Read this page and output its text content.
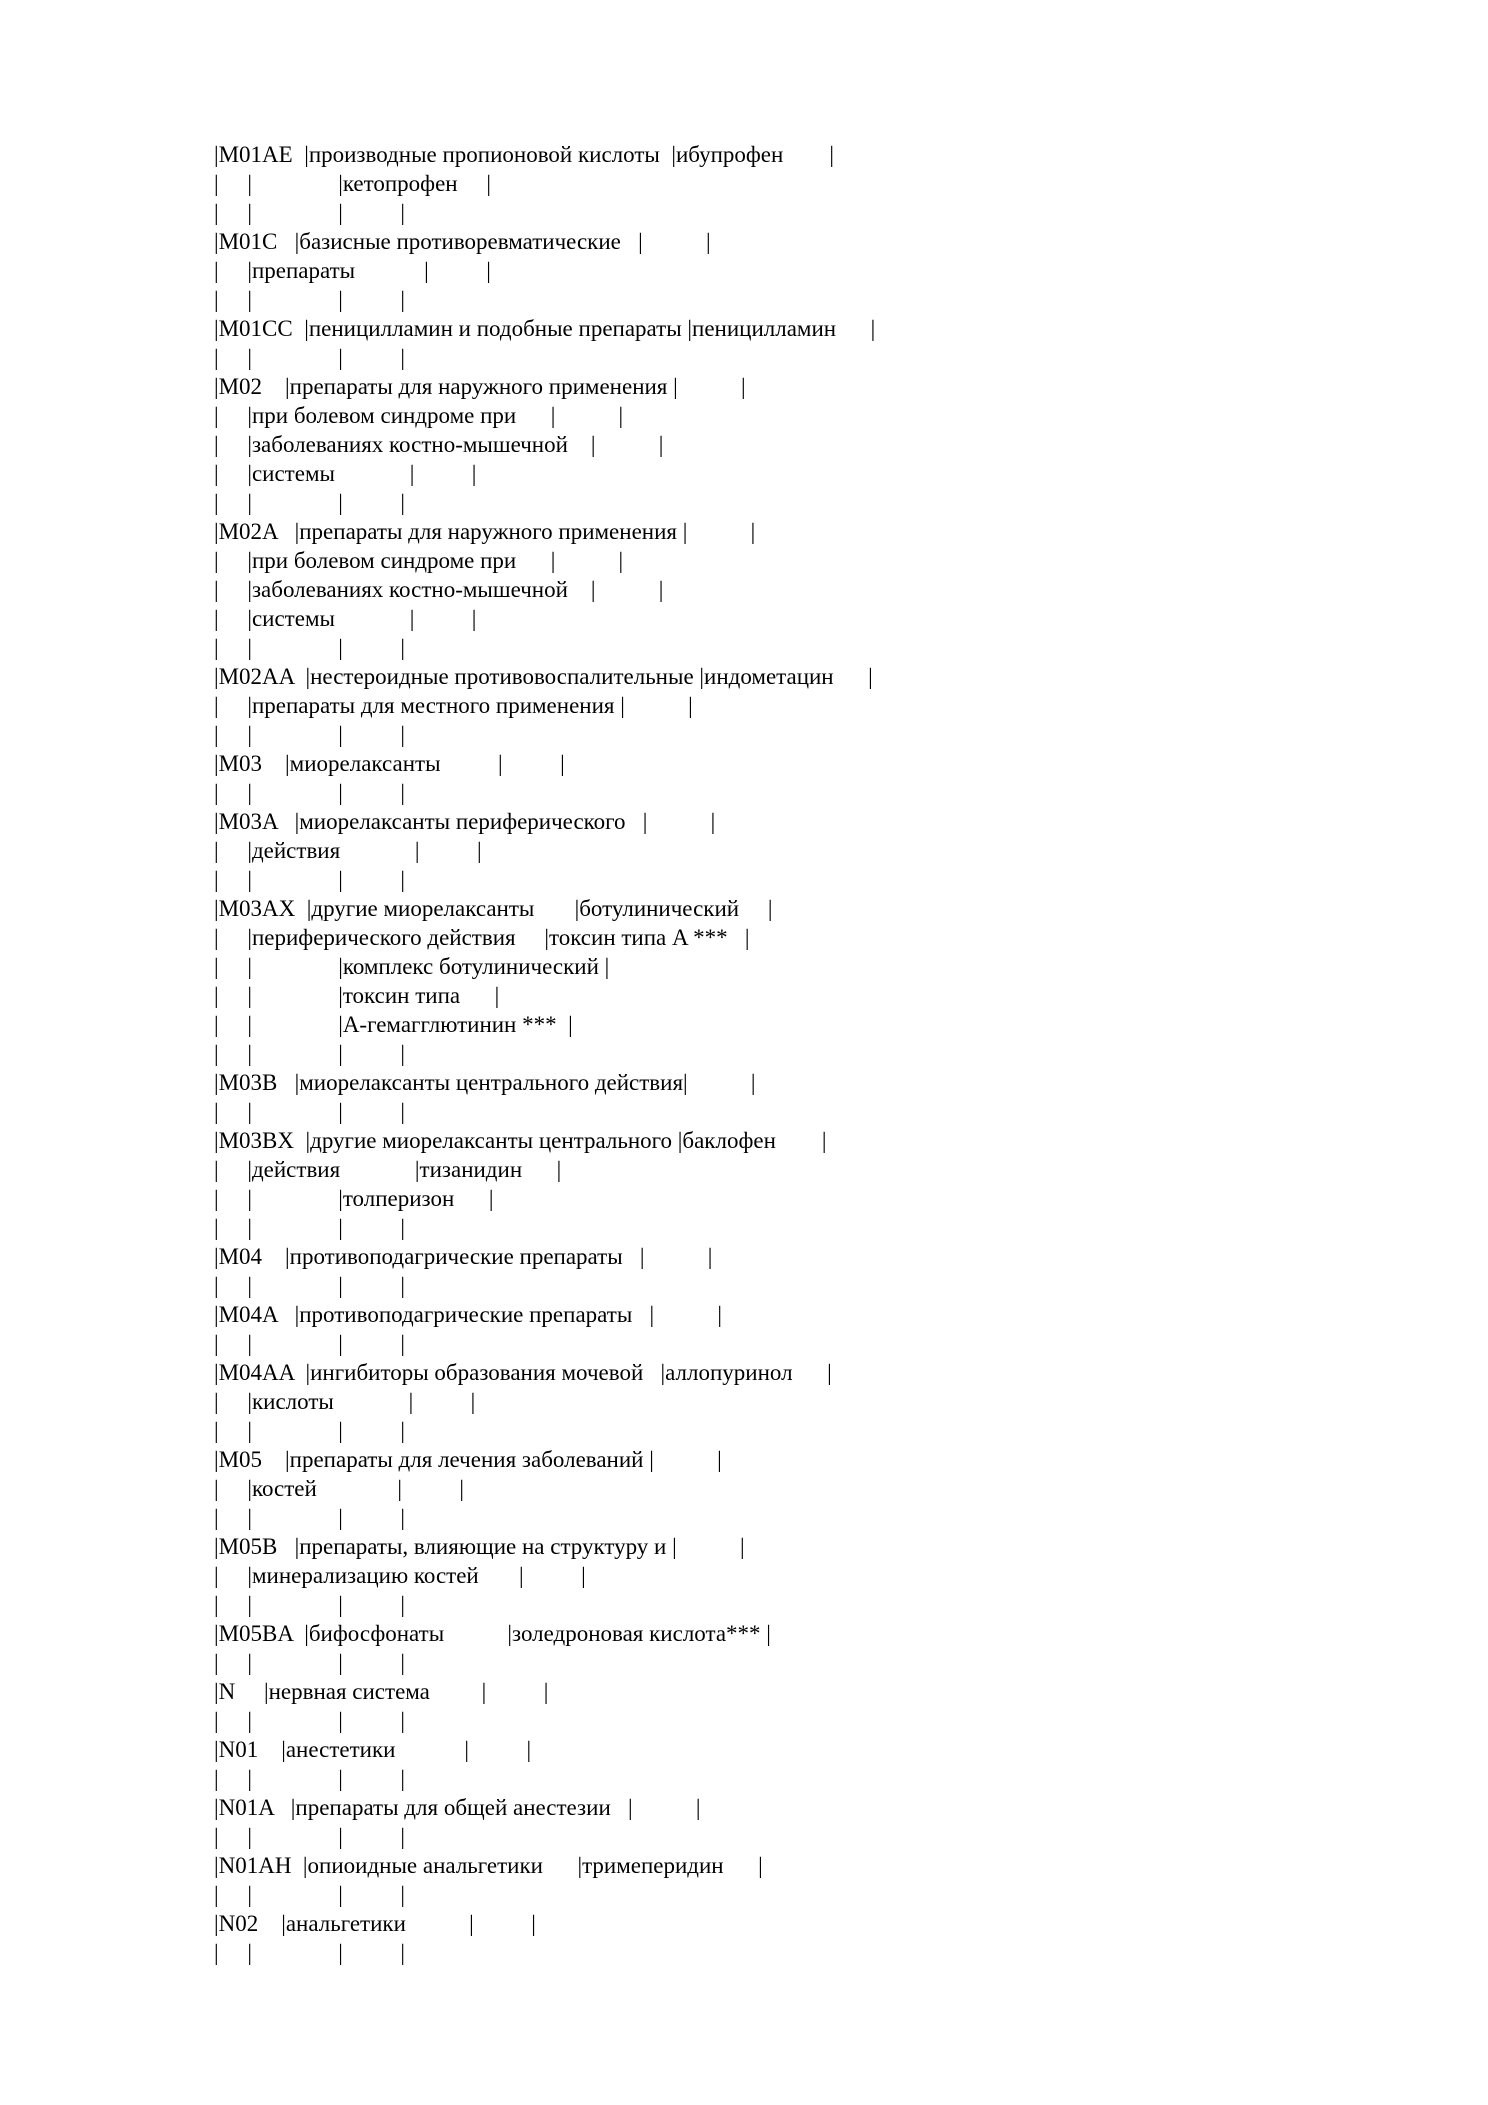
|M01AE  |производные пропионовой кислоты  |ибупрофен        |
|     |               |кетопрофен     |
|     |               |          |
|M01C   |базисные противоревматические   |           |
|     |препараты            |          |
|     |               |          |
|M01CC  |пеницилламин и подобные препараты |пеницилламин      |
|     |               |          |
|M02    |препараты для наружного применения |           |
|     |при болевом синдроме при      |           |
|     |заболеваниях костно-мышечной    |           |
|     |системы             |          |
|     |               |          |
|M02A   |препараты для наружного применения |           |
|     |при болевом синдроме при      |           |
|     |заболеваниях костно-мышечной    |           |
|     |системы             |          |
|     |               |          |
|M02AA  |нестероидные противовоспалительные |индометацин      |
|     |препараты для местного применения |           |
|     |               |          |
|M03    |миорелаксанты          |          |
|     |               |          |
|M03A   |миорелаксанты периферического   |           |
|     |действия             |          |
|     |               |          |
|M03AX  |другие миорелаксанты       |ботулинический     |
|     |периферического действия     |токсин типа A ***   |
|     |               |комплекс ботулинический |
|     |               |токсин типа      |
|     |               |A-гемагглютинин ***  |
|     |               |          |
|M03B   |миорелаксанты центрального действия|           |
|     |               |          |
|M03BX  |другие миорелаксанты центрального |баклофен        |
|     |действия             |тизанидин      |
|     |               |толперизон      |
|     |               |          |
|M04    |противоподагрические препараты   |           |
|     |               |          |
|M04A   |противоподагрические препараты   |           |
|     |               |          |
|M04AA  |ингибиторы образования мочевой   |аллопуринол      |
|     |кислоты             |          |
|     |               |          |
|M05    |препараты для лечения заболеваний |           |
|     |костей              |          |
|     |               |          |
|M05B   |препараты, влияющие на структуру и |           |
|     |минерализацию костей       |          |
|     |               |          |
|M05BA  |бифосфонаты           |золедроновая кислота*** |
|     |               |          |
|N     |нервная система         |          |
|     |               |          |
|N01    |анестетики            |          |
|     |               |          |
|N01A   |препараты для общей анестезии   |           |
|     |               |          |
|N01AH  |опиоидные анальгетики      |тримеперидин      |
|     |               |          |
|N02    |анальгетики           |          |
|     |               |          |
